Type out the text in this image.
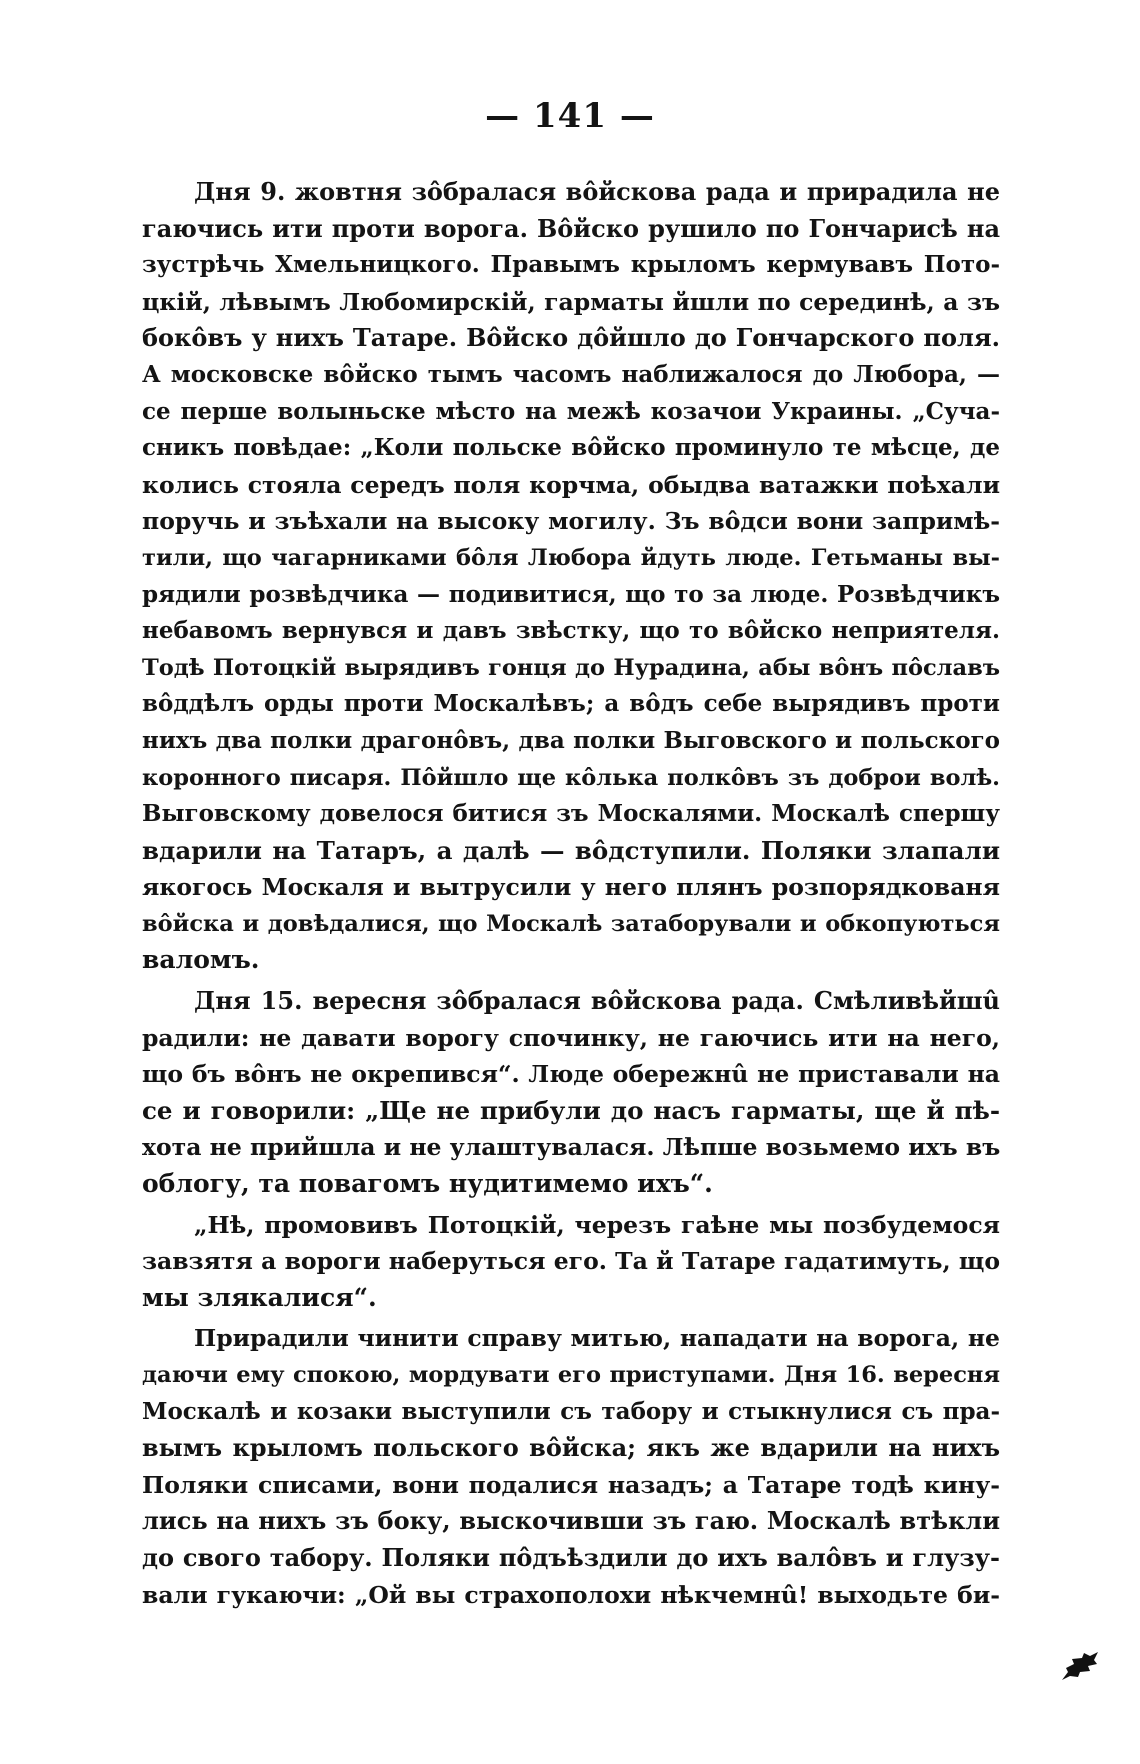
— 141 —
Дня 9. жовтня зôбралася вôйскова рада и прирадила не
гаючись ити проти ворога. Вôйско рушило по Гончарисѣ на
зустрѣчь Хмельницкого. Правымъ крыломъ кермувавъ Пото-
цкій, лѣвымъ Любомирскій, гарматы йшли по серединѣ, а зъ
бокôвъ у нихъ Татаре. Вôйско дôйшло до Гончарского поля.
А московске вôйско тымъ часомъ наближалося до Любора, —
се перше волыньске мѣсто на межѣ козачои Украины. „Суча-
сникъ повѣдае: „Коли польске вôйско проминуло те мѣсце, де
колись стояла середъ поля корчма, обыдва ватажки поѣхали
поручь и зъѣхали на высоку могилу. Зъ вôдси вони запримѣ-
тили, що чагарниками бôля Любора йдуть люде. Гетьманы вы-
рядили розвѣдчика — подивитися, що то за люде. Розвѣдчикъ
небавомъ вернувся и давъ звѣстку, що то вôйско неприятеля.
Тодѣ Потоцкій вырядивъ гонця до Нурадина, абы вôнъ пôславъ
вôддѣлъ орды проти Москалѣвъ; а вôдъ себе вырядивъ проти
нихъ два полки драгонôвъ, два полки Выговского и польского
коронного писаря. Пôйшло ще кôлька полкôвъ зъ доброи волѣ.
Выговскому довелося битися зъ Москалями. Москалѣ спершу
вдарили на Татаръ, а далѣ — вôдступили. Поляки злапали
якогось Москаля и вытрусили у него плянъ розпорядкованя
вôйска и довѣдалися, що Москалѣ затаборували и обкопуються
валомъ.
Дня 15. вересня зôбралася вôйскова рада. Смѣливѣйшû
радили: не давати ворогу спочинку, не гаючись ити на него,
що бъ вôнъ не окрепився“. Люде обережнû не приставали на
се и говорили: „Ще не прибули до насъ гарматы, ще й пѣ-
хота не прийшла и не улаштувалася. Лѣпше возьмемо ихъ въ
облогу, та повагомъ нудитимемо ихъ“.
„Нѣ, промовивъ Потоцкій, черезъ гаѣне мы позбудемося
завзятя а вороги наберуться его. Та й Татаре гадатимуть, що
мы злякалися“.
Прирадили чинити справу митью, нападати на ворога, не
даючи ему спокою, мордувати его приступами. Дня 16. вересня
Москалѣ и козаки выступили съ табору и стыкнулися съ пра-
вымъ крыломъ польского вôйска; якъ же вдарили на нихъ
Поляки списами, вони подалися назадъ; а Татаре тодѣ кину-
лись на нихъ зъ боку, выскочивши зъ гаю. Москалѣ втѣкли
до свого табору. Поляки пôдъѣздили до ихъ валôвъ и глузу-
вали гукаючи: „Ой вы страхополохи нѣкчемнû! выходьте би-
